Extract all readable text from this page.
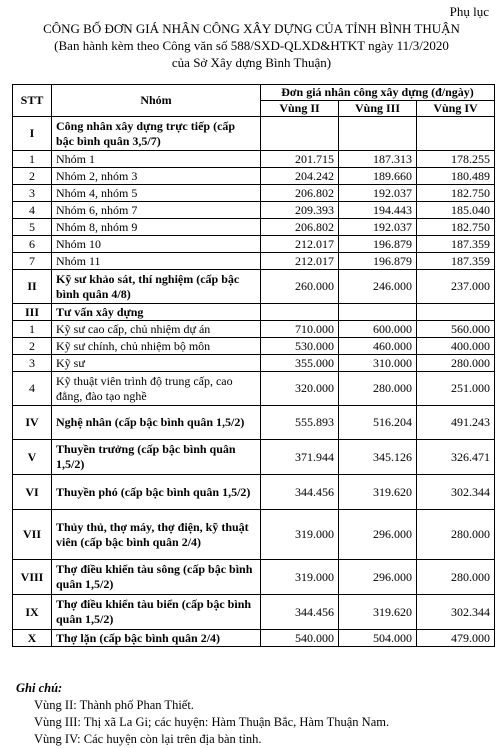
Phụ lục
CÔNG BỐ ĐƠN GIÁ NHÂN CÔNG XÂY DỰNG CỦA TỈNH BÌNH THUẬN
(Ban hành kèm theo Công văn số 588/SXD-QLXD&HTKT ngày 11/3/2020
của Sở Xây dựng Bình Thuận)
STT	Nhóm	Đơn giá nhân công xây dựng (đ/ngày)		
		Vùng II	Vùng III	Vùng IV
I	Công nhân xây dựng trực tiếp (cấp bậc bình quân 3,5/7)			
1	Nhóm 1	201.715	187.313	178.255
2	Nhóm 2, nhóm 3	204.242	189.660	180.489
3	Nhóm 4, nhóm 5	206.802	192.037	182.750
4	Nhóm 6, nhóm 7	209.393	194.443	185.040
5	Nhóm 8, nhóm 9	206.802	192.037	182.750
6	Nhóm 10	212.017	196.879	187.359
7	Nhóm 11	212.017	196.879	187.359
II	Kỹ sư khảo sát, thí nghiệm (cấp bậc bình quân 4/8)	260.000	246.000	237.000
III	Tư vấn xây dựng			
1	Kỹ sư cao cấp, chủ nhiệm dự án	710.000	600.000	560.000
2	Kỹ sư chính, chủ nhiệm bộ môn	530.000	460.000	400.000
3	Kỹ sư	355.000	310.000	280.000
4	Kỹ thuật viên trình độ trung cấp, cao đẳng, đào tạo nghề	320.000	280.000	251.000
IV	Nghệ nhân (cấp bậc bình quân 1,5/2)	555.893	516.204	491.243
V	Thuyền trưởng (cấp bậc bình quân 1,5/2)	371.944	345.126	326.471
VI	Thuyền phó (cấp bậc bình quân 1,5/2)	344.456	319.620	302.344
VII	Thủy thủ, thợ máy, thợ điện, kỹ thuật viên (cấp bậc bình quân 2/4)	319.000	296.000	280.000
VIII	Thợ điều khiển tàu sông (cấp bậc bình quân 1,5/2)	319.000	296.000	280.000
IX	Thợ điều khiển tàu biển (cấp bậc bình quân 1,5/2)	344.456	319.620	302.344
X	Thợ lặn (cấp bậc bình quân 2/4)	540.000	504.000	479.000
Ghi chú:
Vùng II: Thành phố Phan Thiết.
Vùng III: Thị xã La Gi; các huyện: Hàm Thuận Bắc, Hàm Thuận Nam.
Vùng IV: Các huyện còn lại trên địa bàn tỉnh.
